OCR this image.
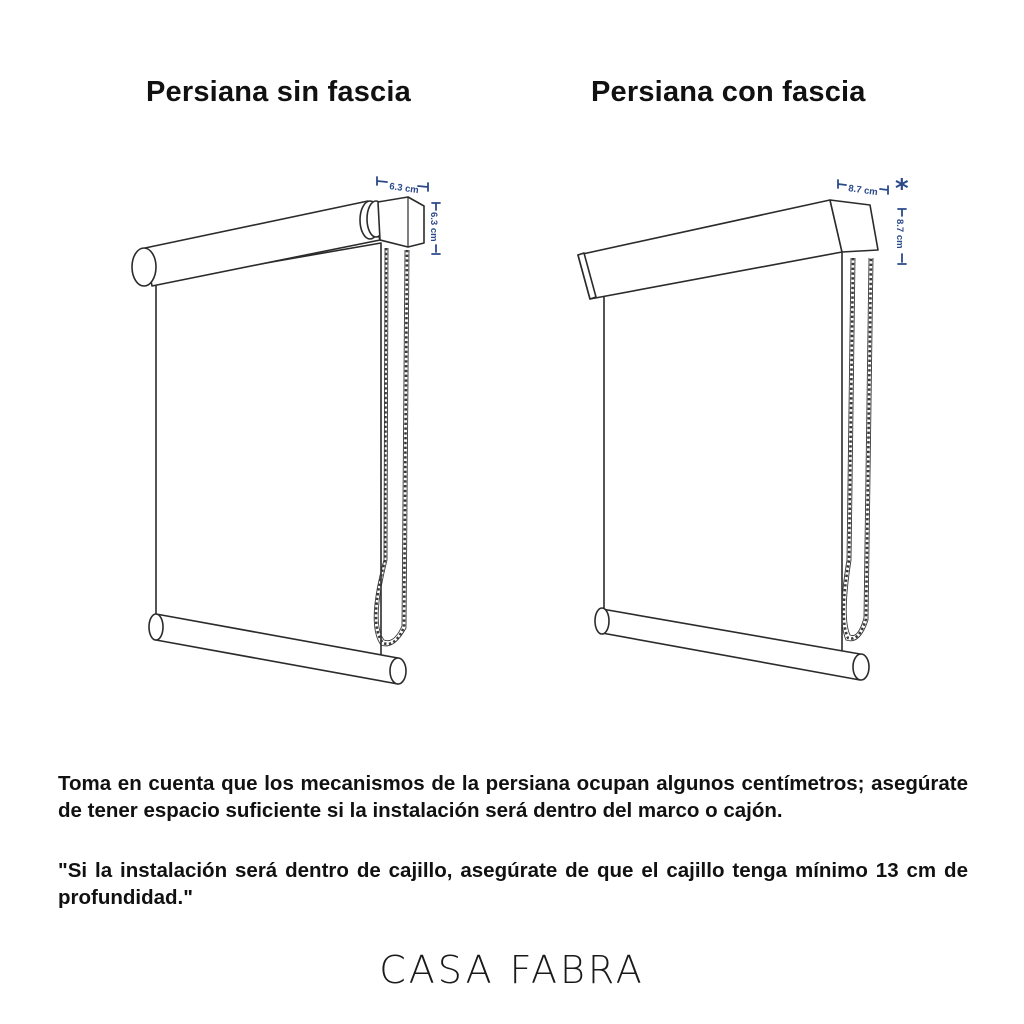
Persiana sin fascia	Persiana con fascia
6.3 cm
6.3 cm
8.7 cm
8.7 cm
*

Toma en cuenta que los mecanismos de la persiana ocupan algunos centímetros; asegúrate de tener espacio suficiente si la instalación será dentro del marco o cajón.

"Si la instalación será dentro de cajillo, asegúrate de que el cajillo tenga mínimo 13 cm de profundidad."

CASA FABRA
